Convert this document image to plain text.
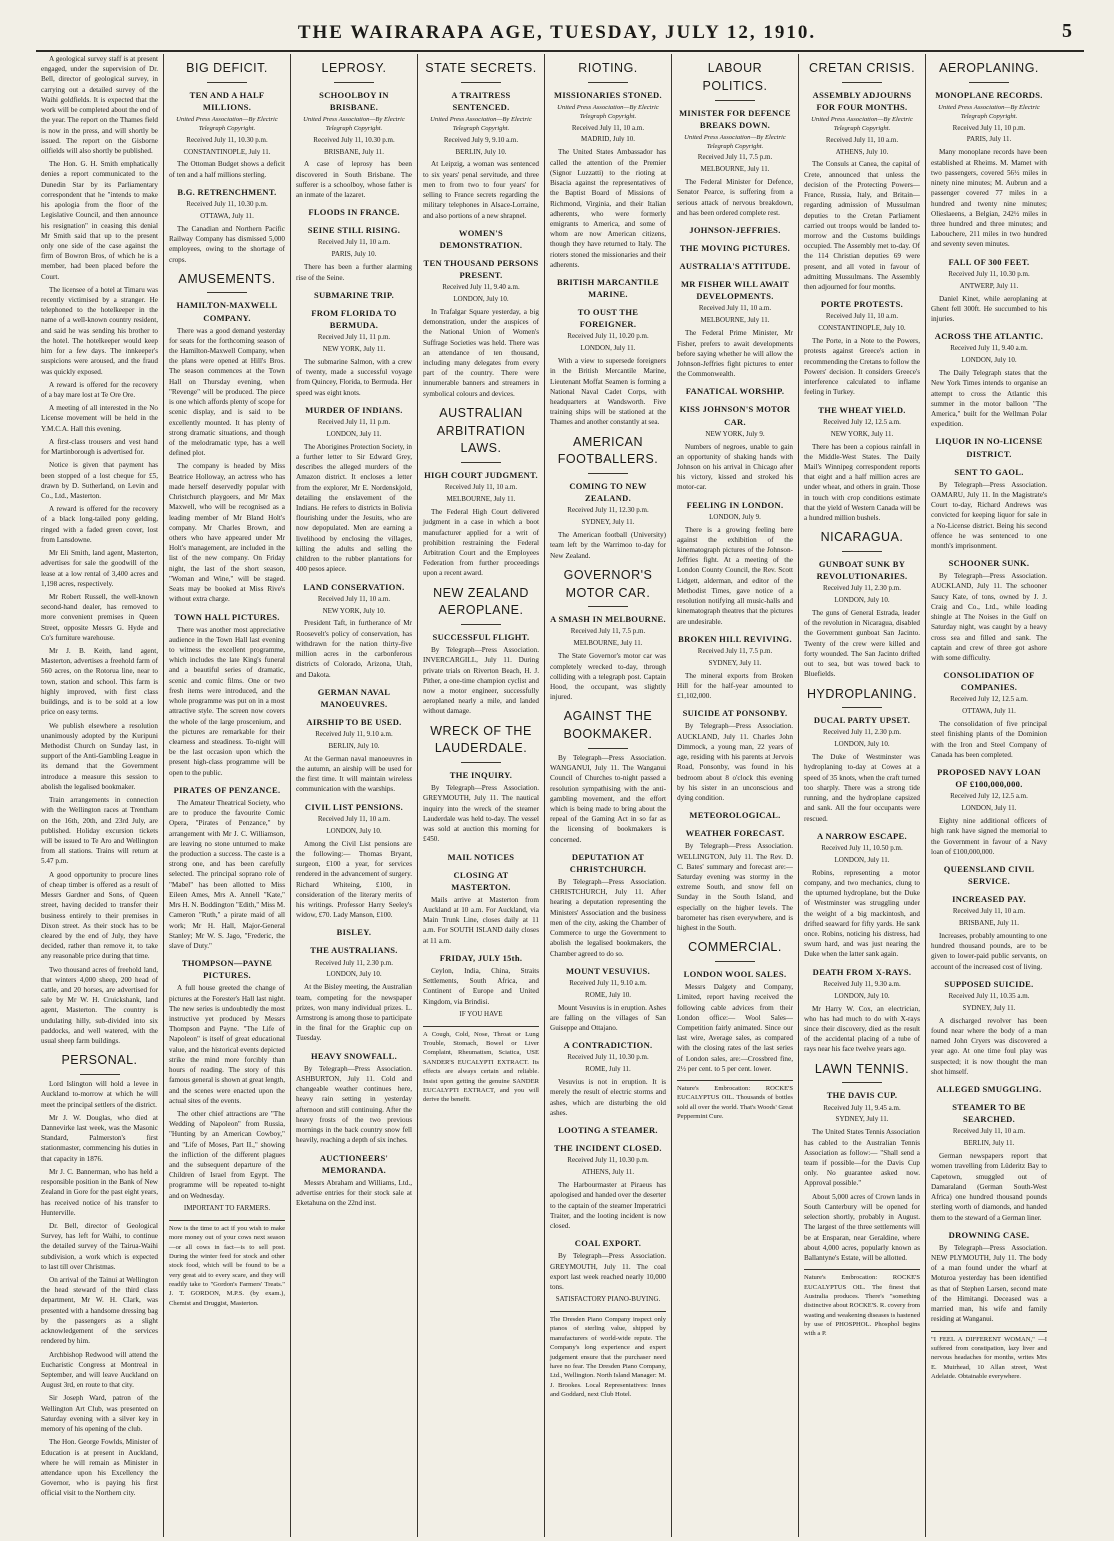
THE WAIRARAPA AGE, TUESDAY, JULY 12, 1910.	5

A geological survey staff is at present engaged, under the supervision of Dr. Bell, director of geological survey, in carrying out a detailed survey of the Waihi goldfields. It is expected that the work will be completed about the end of the year. The report on the Thames field is now in the press, and will shortly be issued. The report on the Gisborne oilfields will also shortly be published.

The Hon. G. H. Smith emphatically denies a report communicated to the Dunedin Star by its Parliamentary correspondent that he "intends to make his apologia from the floor of the Legislative Council, and then announce his resignation" in ceasing this denial Mr Smith said that up to the present only one side of the case against the firm of Bowron Bros, of which he is a member, had been placed before the Court.

The licensee of a hotel at Timaru was recently victimised by a stranger. He telephoned to the hotelkeeper in the name of a well-known country resident, and said he was sending his brother to the hotel. The hotelkeeper would keep him for a few days. The innkeeper's suspicions were aroused, and the fraud was quickly exposed.

A reward is offered for the recovery of a bay mare lost at Te Ore Ore.

A meeting of all interested in the No License movement will be held in the Y.M.C.A. Hall this evening.

A first-class trousers and vest hand for Martinborough is advertised for.

Notice is given that payment has been stopped of a lost cheque for £5, drawn by D. Sutherland, on Levin and Co., Ltd., Masterton.

A reward is offered for the recovery of a black long-tailed pony gelding, ringed with a faded green cover, lost from Lansdowne.

Mr Eli Smith, land agent, Masterton, advertises for sale the goodwill of the lease at a low rental of 3,400 acres and 1,198 acres, respectively.

Mr Robert Russell, the well-known second-hand dealer, has removed to more convenient premises in Queen Street, opposite Messrs G. Hyde and Co's furniture warehouse.

Mr J. B. Keith, land agent, Masterton, advertises a freehold farm of 560 acres, on the Rotorua line, near to town, station and school. This farm is highly improved, with first class buildings, and is to be sold at a low price on easy terms.

We publish elsewhere a resolution unanimously adopted by the Kuripuni Methodist Church on Sunday last, in support of the Anti-Gambling League in its demand that the Government introduce a measure this session to abolish the legalised bookmaker.

Train arrangements in connection with the Wellington races at Trentham on the 16th, 20th, and 23rd July, are published. Holiday excursion tickets will be issued to Te Aro and Wellington from all stations. Trains will return at 5.47 p.m.

A good opportunity to procure lines of cheap timber is offered as a result of Messrs Gardner and Sons, of Queen street, having decided to transfer their business entirely to their premises in Dixon street. As their stock has to be cleared by the end of July, they have decided, rather than remove it, to take any reasonable price during that time.

Two thousand acres of freehold land, that winters 4,000 sheep, 200 head of cattle, and 20 horses, are advertised for sale by Mr W. H. Cruickshank, land agent, Masterton. The country is undulating hilly, sub-divided into six paddocks, and well watered, with the usual sheep farm buildings.

PERSONAL.

Lord Islington will hold a levee in Auckland to-morrow at which he will meet the principal settlers of the district.

Mr J. W. Douglas, who died at Dannevirke last week, was the Masonic Standard, Palmerston's first stationmaster, commencing his duties in that capacity in 1876.

Mr J. C. Bannerman, who has held a responsible position in the Bank of New Zealand in Gore for the past eight years, has received notice of his transfer to Hunterville.

Dr. Bell, director of Geological Survey, has left for Waihi, to continue the detailed survey of the Tairua-Waihi subdivision, a work which is expected to last till over Christmas.

On arrival of the Tainui at Wellington the head steward of the third class department, Mr W. H. Clark, was presented with a handsome dressing bag by the passengers as a slight acknowledgement of the services rendered by him.

Archbishop Redwood will attend the Eucharistic Congress at Montreal in September, and will leave Auckland on August 3rd, en route to that city.

Sir Joseph Ward, patron of the Wellington Art Club, was presented on Saturday evening with a silver key in memory of his opening of the club.

The Hon. George Fowlds, Minister of Education is at present in Auckland, where he will remain as Minister in attendance upon his Excellency the Governor, who is paying his first official visit to the Northern city.

BIG DEFICIT.
TEN AND A HALF MILLIONS.
United Press Association—By Electric Telegraph Copyright.
Received July 11, 10.30 p.m.
CONSTANTINOPLE, July 11.

The Ottoman Budget shows a deficit of ten and a half millions sterling.

B.G. RETRENCHMENT.
Received July 11, 10.30 p.m.
OTTAWA, July 11.

The Canadian and Northern Pacific Railway Company has dismissed 5,000 employees, owing to the shortage of crops.

AMUSEMENTS.
HAMILTON-MAXWELL COMPANY.

There was a good demand yesterday for seats for the forthcoming season of the Hamilton-Maxwell Company, when the plans were opened at Hill's Bros. The season commences at the Town Hall on Thursday evening, when "Revenge" will be produced. The piece is one which affords plenty of scope for scenic display, and is said to be excellently mounted. It has plenty of strong dramatic situations, and though of the melodramatic type, has a well defined plot.

The company is headed by Miss Beatrice Holloway, an actress who has made herself deservedly popular with Christchurch playgoers, and Mr Max Maxwell, who will be recognised as a leading member of Mr Bland Holt's company. Mr Charles Brown, and others who have appeared under Mr Holt's management, are included in the list of the new company. On Friday night, the last of the short season, "Woman and Wine," will be staged. Seats may be booked at Miss Rive's without extra charge.

TOWN HALL PICTURES.

There was another most appreciative audience in the Town Hall last evening to witness the excellent programme, which includes the late King's funeral and a beautiful series of dramatic, scenic and comic films. One or two fresh items were introduced, and the whole programme was put on in a most attractive style. The screen now covers the whole of the large proscenium, and the pictures are remarkable for their clearness and steadiness. To-night will be the last occasion upon which the present high-class programme will be open to the public.

PIRATES OF PENZANCE.

The Amateur Theatrical Society, who are to produce the favourite Comic Opera, "Pirates of Penzance," by arrangement with Mr J. C. Williamson, are leaving no stone unturned to make the production a success. The caste is a strong one, and has been carefully selected. The principal soprano role of "Mabel" has been allotted to Miss Eileen Ames, Mrs A. Annell "Kate," Mrs H. N. Boddington "Edith," Miss M. Cameron "Ruth," a pirate maid of all work; Mr H. Hall, Major-General Stanley; Mr W. S. Jago, "Frederic, the slave of Duty."

THOMPSON—PAYNE PICTURES.

A full house greeted the change of pictures at the Forester's Hall last night. The new series is undoubtedly the most instructive yet produced by Messrs Thompson and Payne. "The Life of Napoleon" is itself of great educational value, and the historical events depicted strike the mind more forcibly than hours of reading. The story of this famous general is shown at great length, and the scenes were enacted upon the actual sites of the events.

The other chief attractions are "The Wedding of Napoleon" from Russia, "Hunting by an American Cowboy," and "Life of Moses, Part II.," showing the infliction of the different plagues and the subsequent departure of the Children of Israel from Egypt. The programme will be repeated to-night and on Wednesday.

IMPORTANT TO FARMERS.
Now is the time to act if you wish to make more money out of your cows next season—or all cows in fact—is to sell post. During the winter feed for stock and other stock food, which will be found to be a very great aid to every scare, and they will readily take to "Gordon's Farmers' Treats." J. T. GORDON, M.P.S. (by exam.), Chemist and Druggist, Masterton.
LEPROSY.
SCHOOLBOY IN BRISBANE.
United Press Association—By Electric Telegraph Copyright.
Received July 11, 10.30 p.m.
BRISBANE, July 11.

A case of leprosy has been discovered in South Brisbane. The sufferer is a schoolboy, whose father is an inmate of the lazaret.

FLOODS IN FRANCE.
SEINE STILL RISING.
Received July 11, 10 a.m.
PARIS, July 10.

There has been a further alarming rise of the Seine.

SUBMARINE TRIP.
FROM FLORIDA TO BERMUDA.
Received July 11, 11 p.m.
NEW YORK, July 11.

The submarine Salmon, with a crew of twenty, made a successful voyage from Quincey, Florida, to Bermuda. Her speed was eight knots.

MURDER OF INDIANS.
Received July 11, 11 p.m.
LONDON, July 11.

The Aborigines Protection Society, in a further letter to Sir Edward Grey, describes the alleged murders of the Amazon district. It encloses a letter from the explorer, Mr E. Nordenskjold, detailing the enslavement of the Indians. He refers to districts in Bolivia flourishing under the Jesuits, who are now depopulated. Men are earning a livelihood by enclosing the villages, killing the adults and selling the children to the rubber plantations for 400 pesos apiece.

LAND CONSERVATION.
Received July 11, 10 a.m.
NEW YORK, July 10.

President Taft, in furtherance of Mr Roosevelt's policy of conservation, has withdrawn for the nation thirty-five million acres in the carbonferous districts of Colorado, Arizona, Utah, and Dakota.

GERMAN NAVAL MANOEUVRES.
AIRSHIP TO BE USED.
Received July 11, 9.10 a.m.
BERLIN, July 10.

At the German naval manoeuvres in the autumn, an airship will be used for the first time. It will maintain wireless communication with the warships.

CIVIL LIST PENSIONS.
Received July 11, 10 a.m.
LONDON, July 10.

Among the Civil List pensions are the following:— Thomas Bryant, surgeon, £100 a year, for services rendered in the advancement of surgery. Richard Whiteing, £100, in consideration of the literary merits of his writings. Professor Harry Seeley's widow, £70. Lady Manson, £100.

BISLEY.
THE AUSTRALIANS.
Received July 11, 2.30 p.m.
LONDON, July 10.

At the Bisley meeting, the Australian team, competing for the newspaper prizes, won many individual prizes. L. Armstrong is among those to participate in the final for the Graphic cup on Tuesday.

HEAVY SNOWFALL.

By Telegraph—Press Association. ASHBURTON, July 11. Cold and changeable weather continues here, heavy rain setting in yesterday afternoon and still continuing. After the heavy frosts of the two previous mornings in the back country snow fell heavily, reaching a depth of six inches.

AUCTIONEERS' MEMORANDA.

Messrs Abraham and Williams, Ltd., advertise entries for their stock sale at Eketahuna on the 22nd inst.

STATE SECRETS.
A TRAITRESS SENTENCED.
United Press Association—By Electric Telegraph Copyright.
Received July 9, 9.10 a.m.
BERLIN, July 10.

At Leipzig, a woman was sentenced to six years' penal servitude, and three men to from two to four years' for selling to France secrets regarding the military telephones in Alsace-Lorraine, and also portions of a new shrapnel.

WOMEN'S DEMONSTRATION.
TEN THOUSAND PERSONS PRESENT.
Received July 11, 9.40 a.m.
LONDON, July 10.

In Trafalgar Square yesterday, a big demonstration, under the auspices of the National Union of Women's Suffrage Societies was held. There was an attendance of ten thousand, including many delegates from every part of the country. There were innumerable banners and streamers in symbolical colours and devices.

AUSTRALIAN ARBITRATION LAWS.
HIGH COURT JUDGMENT.
Received July 11, 10 a.m.
MELBOURNE, July 11.

The Federal High Court delivered judgment in a case in which a boot manufacturer applied for a writ of prohibition restraining the Federal Arbitration Court and the Employees Federation from further proceedings upon a recent award.

NEW ZEALAND AEROPLANE.
SUCCESSFUL FLIGHT.

By Telegraph—Press Association. INVERCARGILL, July 11. During private trials on Riverton Beach, H. J. Pither, a one-time champion cyclist and now a motor engineer, successfully aeroplaned nearly a mile, and landed without damage.

WRECK OF THE LAUDERDALE.
THE INQUIRY.

By Telegraph—Press Association. GREYMOUTH, July 11. The nautical inquiry into the wreck of the steamer Lauderdale was held to-day. The vessel was sold at auction this morning for £450.

MAIL NOTICES
CLOSING AT MASTERTON.

Mails arrive at Masterton from Auckland at 10 a.m. For Auckland, via Main Trunk Line, closes daily at 11 a.m. For SOUTH ISLAND daily closes at 11 a.m.

FRIDAY, JULY 15th.

Ceylon, India, China, Straits Settlements, South Africa, and Continent of Europe and United Kingdom, via Brindisi.

IF YOU HAVE
A Cough, Cold, Nose, Throat or Lung Trouble, Stomach, Bowel or Liver Complaint, Rheumatism, Sciatica, USE SANDER'S EUCALYPTI EXTRACT. Its effects are always certain and reliable. Insist upon getting the genuine SANDER EUCALYPTI EXTRACT, and you will derive the benefit.
RIOTING.
MISSIONARIES STONED.
United Press Association—By Electric Telegraph Copyright.
Received July 11, 10 a.m.
MADRID, July 10.

The United States Ambassador has called the attention of the Premier (Signor Luzzatti) to the rioting at Bisacia against the representatives of the Baptist Board of Missions of Richmond, Virginia, and their Italian adherents, who were formerly emigrants to America, and some of whom are now American citizens, though they have returned to Italy. The rioters stoned the missionaries and their adherents.

BRITISH MARCANTILE MARINE.
TO OUST THE FOREIGNER.
Received July 11, 10.20 p.m.
LONDON, July 11.

With a view to supersede foreigners in the British Mercantile Marine, Lieutenant Moffat Seamen is forming a National Naval Cadet Corps, with headquarters at Wandsworth. Five training ships will be stationed at the Thames and another constantly at sea.

AMERICAN FOOTBALLERS.
COMING TO NEW ZEALAND.
Received July 11, 12.30 p.m.
SYDNEY, July 11.

The American football (University) team left by the Warrimoo to-day for New Zealand.

GOVERNOR'S MOTOR CAR.
A SMASH IN MELBOURNE.
Received July 11, 7.5 p.m.
MELBOURNE, July 11.

The State Governor's motor car was completely wrecked to-day, through colliding with a telegraph post. Captain Hood, the occupant, was slightly injured.

AGAINST THE BOOKMAKER.

By Telegraph—Press Association. WANGANUI, July 11. The Wanganui Council of Churches to-night passed a resolution sympathising with the anti-gambling movement, and the effort which is being made to bring about the repeal of the Gaming Act in so far as the licensing of bookmakers is concerned.

DEPUTATION AT CHRISTCHURCH.

By Telegraph—Press Association. CHRISTCHURCH, July 11. After hearing a deputation representing the Ministers' Association and the business men of the city, asking the Chamber of Commerce to urge the Government to abolish the legalised bookmakers, the Chamber agreed to do so.

MOUNT VESUVIUS.
Received July 11, 9.10 a.m.
ROME, July 10.

Mount Vesuvius is in eruption. Ashes are falling on the villages of San Guiseppe and Ottajano.

A CONTRADICTION.
Received July 11, 10.30 p.m.
ROME, July 11.

Vesuvius is not in eruption. It is merely the result of electric storms and ashes, which are disturbing the old ashes.

LOOTING A STEAMER.
THE INCIDENT CLOSED.
Received July 11, 10.30 p.m.
ATHENS, July 11.

The Harbourmaster at Piraeus has apologised and handed over the deserter to the captain of the steamer Imperatrici Traiter, and the looting incident is now closed.

COAL EXPORT.

By Telegraph—Press Association. GREYMOUTH, July 11. The coal export last week reached nearly 10,000 tons.

SATISFACTORY PIANO-BUYING.
The Dresden Piano Company inspect only pianos of sterling value, shipped by manufacturers of world-wide repute. The Company's long experience and expert judgement ensure that the purchaser need have no fear. The Dresden Piano Company, Ltd., Wellington. North Island Manager: M. J. Brookes. Local Representatives: Innes and Goddard, next Club Hotel.
LABOUR POLITICS.
MINISTER FOR DEFENCE BREAKS DOWN.
United Press Association—By Electric Telegraph Copyright.
Received July 11, 7.5 p.m.
MELBOURNE, July 11.

The Federal Minister for Defence, Senator Pearce, is suffering from a serious attack of nervous breakdown, and has been ordered complete rest.

JOHNSON-JEFFRIES.
THE MOVING PICTURES.
AUSTRALIA'S ATTITUDE.
MR FISHER WILL AWAIT DEVELOPMENTS.
Received July 11, 10 a.m.
MELBOURNE, July 11.

The Federal Prime Minister, Mr Fisher, prefers to await developments before saying whether he will allow the Johnson-Jeffries fight pictures to enter the Commonwealth.

FANATICAL WORSHIP.
KISS JOHNSON'S MOTOR CAR.
NEW YORK, July 9.

Numbers of negroes, unable to gain an opportunity of shaking hands with Johnson on his arrival in Chicago after his victory, kissed and stroked his motor-car.

FEELING IN LONDON.
LONDON, July 9.

There is a growing feeling here against the exhibition of the kinematograph pictures of the Johnson-Jeffries fight. At a meeting of the London County Council, the Rev. Scott Lidgett, alderman, and editor of the Methodist Times, gave notice of a resolution notifying all music-halls and kinematograph theatres that the pictures are undesirable.

BROKEN HILL REVIVING.
Received July 11, 7.5 p.m.
SYDNEY, July 11.

The mineral exports from Broken Hill for the half-year amounted to £1,102,000.

SUICIDE AT PONSONBY.

By Telegraph—Press Association. AUCKLAND, July 11. Charles John Dimmock, a young man, 22 years of age, residing with his parents at Jervois Road, Ponsonby, was found in his bedroom about 8 o'clock this evening by his sister in an unconscious and dying condition.

METEOROLOGICAL.
WEATHER FORECAST.

By Telegraph—Press Association. WELLINGTON, July 11. The Rev. D. C. Bates' summary and forecast are:— Saturday evening was stormy in the extreme South, and snow fell on Sunday in the South Island, and especially on the higher levels. The barometer has risen everywhere, and is highest in the South.

COMMERCIAL.
LONDON WOOL SALES.

Messrs Dalgety and Company, Limited, report having received the following cable advices from their London office:— Wool Sales—Competition fairly animated. Since our last wire, Average sales, as compared with the closing rates of the last series of London sales, are:—Crossbred fine, 2½ per cent. to 5 per cent. lower.

Nature's Embrocation: ROCKE'S EUCALYPTUS OIL. Thousands of bottles sold all over the world. That's Woods' Great Peppermint Cure.
CRETAN CRISIS.
ASSEMBLY ADJOURNS FOR FOUR MONTHS.
United Press Association—By Electric Telegraph Copyright.
Received July 11, 10 a.m.
ATHENS, July 10.

The Consuls at Canea, the capital of Crete, announced that unless the decision of the Protecting Powers—France, Russia, Italy, and Britain—regarding admission of Mussulman deputies to the Cretan Parliament carried out troops would be landed to-morrow and the Customs buildings occupied. The Assembly met to-day. Of the 114 Christian deputies 69 were present, and all voted in favour of admitting Mussulmans. The Assembly then adjourned for four months.

PORTE PROTESTS.
Received July 11, 10 a.m.
CONSTANTINOPLE, July 10.

The Porte, in a Note to the Powers, protests against Greece's action in recommending the Cretans to follow the Powers' decision. It considers Greece's interference calculated to inflame feeling in Turkey.

THE WHEAT YIELD.
Received July 12, 12.5 a.m.
NEW YORK, July 11.

There has been a copious rainfall in the Middle-West States. The Daily Mail's Winnipeg correspondent reports that eight and a half million acres are under wheat, and others in grain. Those in touch with crop conditions estimate that the yield of Western Canada will be a hundred million bushels.

NICARAGUA.
GUNBOAT SUNK BY REVOLUTIONARIES.
Received July 11, 2.30 p.m.
LONDON, July 10.

The guns of General Estrada, leader of the revolution in Nicaragua, disabled the Government gunboat San Jacinto. Twenty of the crew were killed and forty wounded. The San Jacinto drifted out to sea, but was towed back to Bluefields.

HYDROPLANING.
DUCAL PARTY UPSET.
Received July 11, 2.30 p.m.
LONDON, July 10.

The Duke of Westminster was hydroplaning to-day at Cowes at a speed of 35 knots, when the craft turned too sharply. There was a strong tide running, and the hydroplane capsized and sank. All the four occupants were rescued.

A NARROW ESCAPE.
Received July 11, 10.50 p.m.
LONDON, July 11.

Robins, representing a motor company, and two mechanics, clung to the upturned hydroplane, but the Duke of Westminster was struggling under the weight of a big mackintosh, and drifted seaward for fifty yards. He sank once. Robins, noticing his distress, had swum hard, and was just nearing the Duke when the latter sank again.

DEATH FROM X-RAYS.
Received July 11, 9.30 a.m.
LONDON, July 10.

Mr Harry W. Cox, an electrician, who has had much to do with X-rays since their discovery, died as the result of the accidental placing of a tube of rays near his face twelve years ago.

LAWN TENNIS.
THE DAVIS CUP.
Received July 11, 9.45 a.m.
SYDNEY, July 11.

The United States Tennis Association has cabled to the Australian Tennis Association as follow:— "Shall send a team if possible—for the Davis Cup only. No guarantee asked now. Approval possible."

About 5,000 acres of Crown lands in South Canterbury will be opened for selection shortly, probably in August. The largest of the three settlements will be at Ensparan, near Geraldine, where about 4,000 acres, popularly known as Ballantyne's Estate, will be allotted.

Nature's Embrocation: ROCKE'S EUCALYPTUS OIL. The finest that Australia produces. There's "something distinctive about ROCKE'S. R. covery from wasting and weakening diseases is hastened by use of PHOSPHOL. Phosphol begins with a P.
AEROPLANING.
MONOPLANE RECORDS.
United Press Association—By Electric Telegraph Copyright.
Received July 11, 10 p.m.
PARIS, July 11.

Many monoplane records have been established at Rheims. M. Mamet with two passengers, covered 56½ miles in ninety nine minutes; M. Aubrun and a passenger covered 77 miles in a hundred and twenty nine minutes; Olieslaeens, a Belgian, 242½ miles in three hundred and three minutes; and Labouchere, 211 miles in two hundred and seventy seven minutes.

FALL OF 300 FEET.
Received July 11, 10.30 p.m.
ANTWERP, July 11.

Daniel Kinet, while aeroplaning at Ghent fell 300ft. He succumbed to his injuries.

ACROSS THE ATLANTIC.
Received July 11, 9.40 a.m.
LONDON, July 10.

The Daily Telegraph states that the New York Times intends to organise an attempt to cross the Atlantic this summer in the motor balloon "The America," built for the Wellman Polar expedition.

LIQUOR IN NO-LICENSE DISTRICT.
SENT TO GAOL.

By Telegraph—Press Association. OAMARU, July 11. In the Magistrate's Court to-day, Richard Andrews was convicted for keeping liquor for sale in a No-License district. Being his second offence he was sentenced to one month's imprisonment.

SCHOONER SUNK.

By Telegraph—Press Association. AUCKLAND, July 11. The schooner Saucy Kate, of tons, owned by J. J. Craig and Co., Ltd., while loading shingle at The Noises in the Gulf on Saturday night, was caught by a heavy cross sea and filled and sank. The captain and crew of three got ashore with some difficulty.

CONSOLIDATION OF COMPANIES.
Received July 12, 12.5 a.m.
OTTAWA, July 11.

The consolidation of five principal steel finishing plants of the Dominion with the Iron and Steel Company of Canada has been completed.

PROPOSED NAVY LOAN OF £100,000,000.
Received July 12, 12.5 a.m.
LONDON, July 11.

Eighty nine additional officers of high rank have signed the memorial to the Government in favour of a Navy loan of £100,000,000.

QUEENSLAND CIVIL SERVICE.
INCREASED PAY.
Received July 11, 10 a.m.
BRISBANE, July 11.

Increases, probably amounting to one hundred thousand pounds, are to be given to lower-paid public servants, on account of the increased cost of living.

SUPPOSED SUICIDE.
Received July 11, 10.35 a.m.
SYDNEY, July 11.

A discharged revolver has been found near where the body of a man named John Cryers was discovered a year ago. At one time foul play was suspected; it is now thought the man shot himself.

ALLEGED SMUGGLING.
STEAMER TO BE SEARCHED.
Received July 11, 10 a.m.
BERLIN, July 11.

German newspapers report that women travelling from Lüderitz Bay to Capetown, smuggled out of Damaraland (German South-West Africa) one hundred thousand pounds sterling worth of diamonds, and handed them to the steward of a German liner.

DROWNING CASE.

By Telegraph—Press Association. NEW PLYMOUTH, July 11. The body of a man found under the wharf at Moturoa yesterday has been identified as that of Stephen Larsen, second mate of the Himitangi. Deceased was a married man, his wife and family residing at Wanganui.

"I FEEL A DIFFERENT WOMAN," —I suffered from constipation, lazy liver and nervous headaches for months, writes Mrs E. Muirhead, 10 Allan street, West Adelaide. Obtainable everywhere.
